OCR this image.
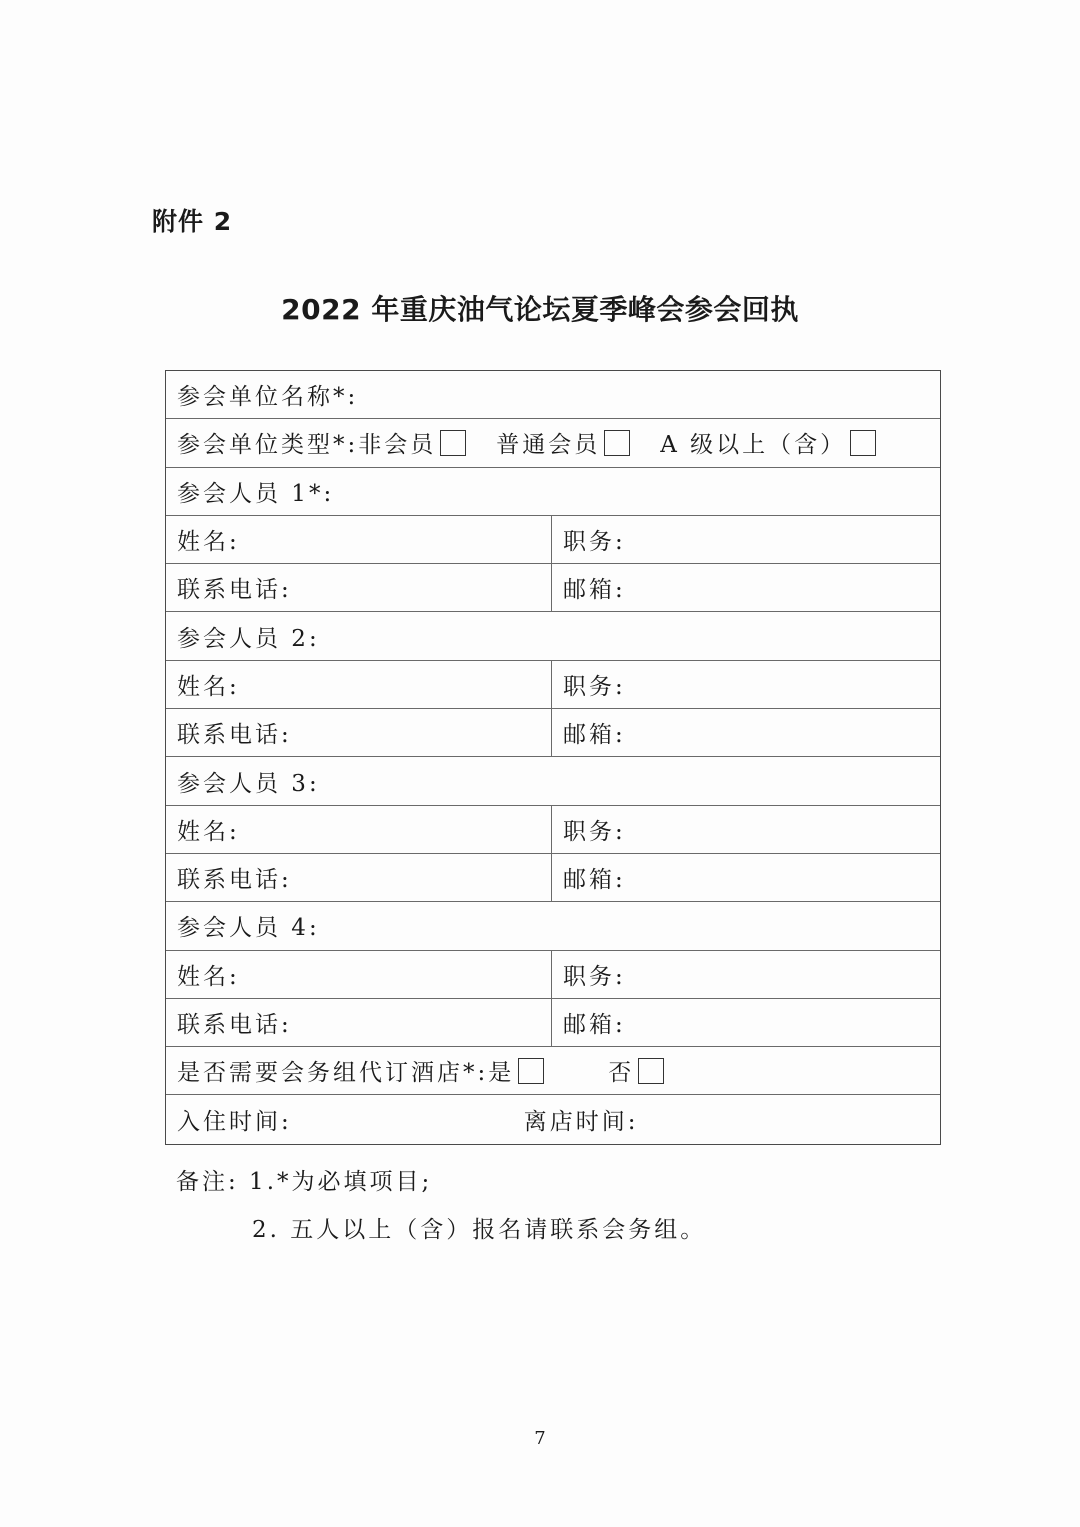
附件 2
2022 年重庆油气论坛夏季峰会参会回执
参会单位名称*:
参会单位类型*: 非会员	普通会员	A 级以上（含）
参会人员 1*:
姓名:	职务:
联系电话:	邮箱:
参会人员 2:
姓名:	职务:
联系电话:	邮箱:
参会人员 3:
姓名:	职务:
联系电话:	邮箱:
参会人员 4:
姓名:	职务:
联系电话:	邮箱:
是否需要会务组代订酒店*: 是	否
入住时间:	离店时间:
备注: 1.*为必填项目;
2. 五人以上（含）报名请联系会务组。
7
